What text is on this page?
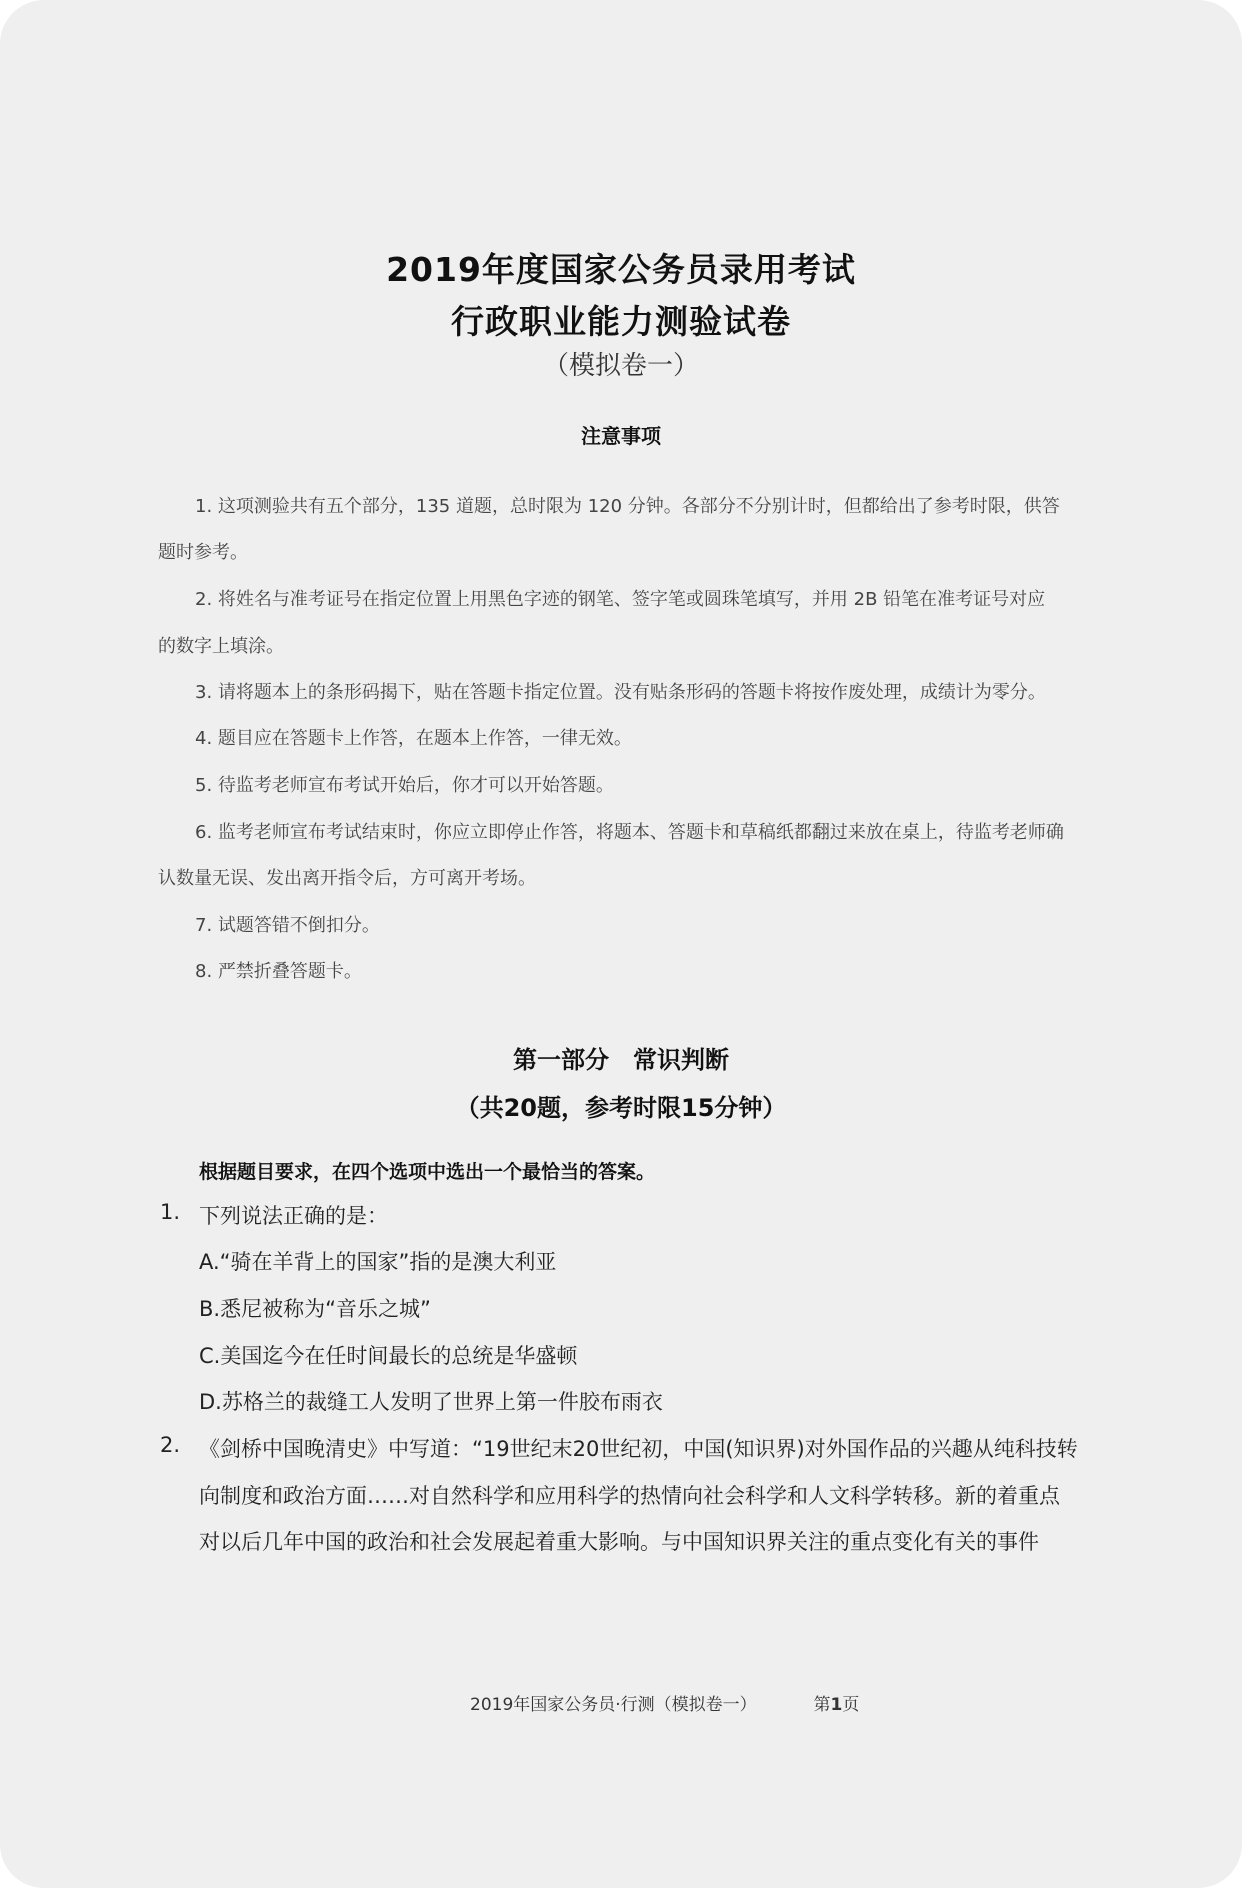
2019年度国家公务员录用考试
行政职业能力测验试卷
（模拟卷一）
注意事项
1. 这项测验共有五个部分，135 道题，总时限为 120 分钟。各部分不分别计时，但都给出了参考时限，供答
题时参考。
2. 将姓名与准考证号在指定位置上用黑色字迹的钢笔、签字笔或圆珠笔填写，并用 2B 铅笔在准考证号对应
的数字上填涂。
3. 请将题本上的条形码揭下，贴在答题卡指定位置。没有贴条形码的答题卡将按作废处理，成绩计为零分。
4. 题目应在答题卡上作答，在题本上作答，一律无效。
5. 待监考老师宣布考试开始后，你才可以开始答题。
6. 监考老师宣布考试结束时，你应立即停止作答，将题本、答题卡和草稿纸都翻过来放在桌上，待监考老师确
认数量无误、发出离开指令后，方可离开考场。
7. 试题答错不倒扣分。
8. 严禁折叠答题卡。
第一部分　常识判断
（共20题，参考时限15分钟）
根据题目要求，在四个选项中选出一个最恰当的答案。
1. 下列说法正确的是：
A.“骑在羊背上的国家”指的是澳大利亚
B.悉尼被称为“音乐之城”
C.美国迄今在任时间最长的总统是华盛顿
D.苏格兰的裁缝工人发明了世界上第一件胶布雨衣
2. 《剑桥中国晚清史》中写道：“19世纪末20世纪初，中国(知识界)对外国作品的兴趣从纯科技转
向制度和政治方面……对自然科学和应用科学的热情向社会科学和人文科学转移。新的着重点
对以后几年中国的政治和社会发展起着重大影响。与中国知识界关注的重点变化有关的事件
2019年国家公务员·行测（模拟卷一）	第1页
